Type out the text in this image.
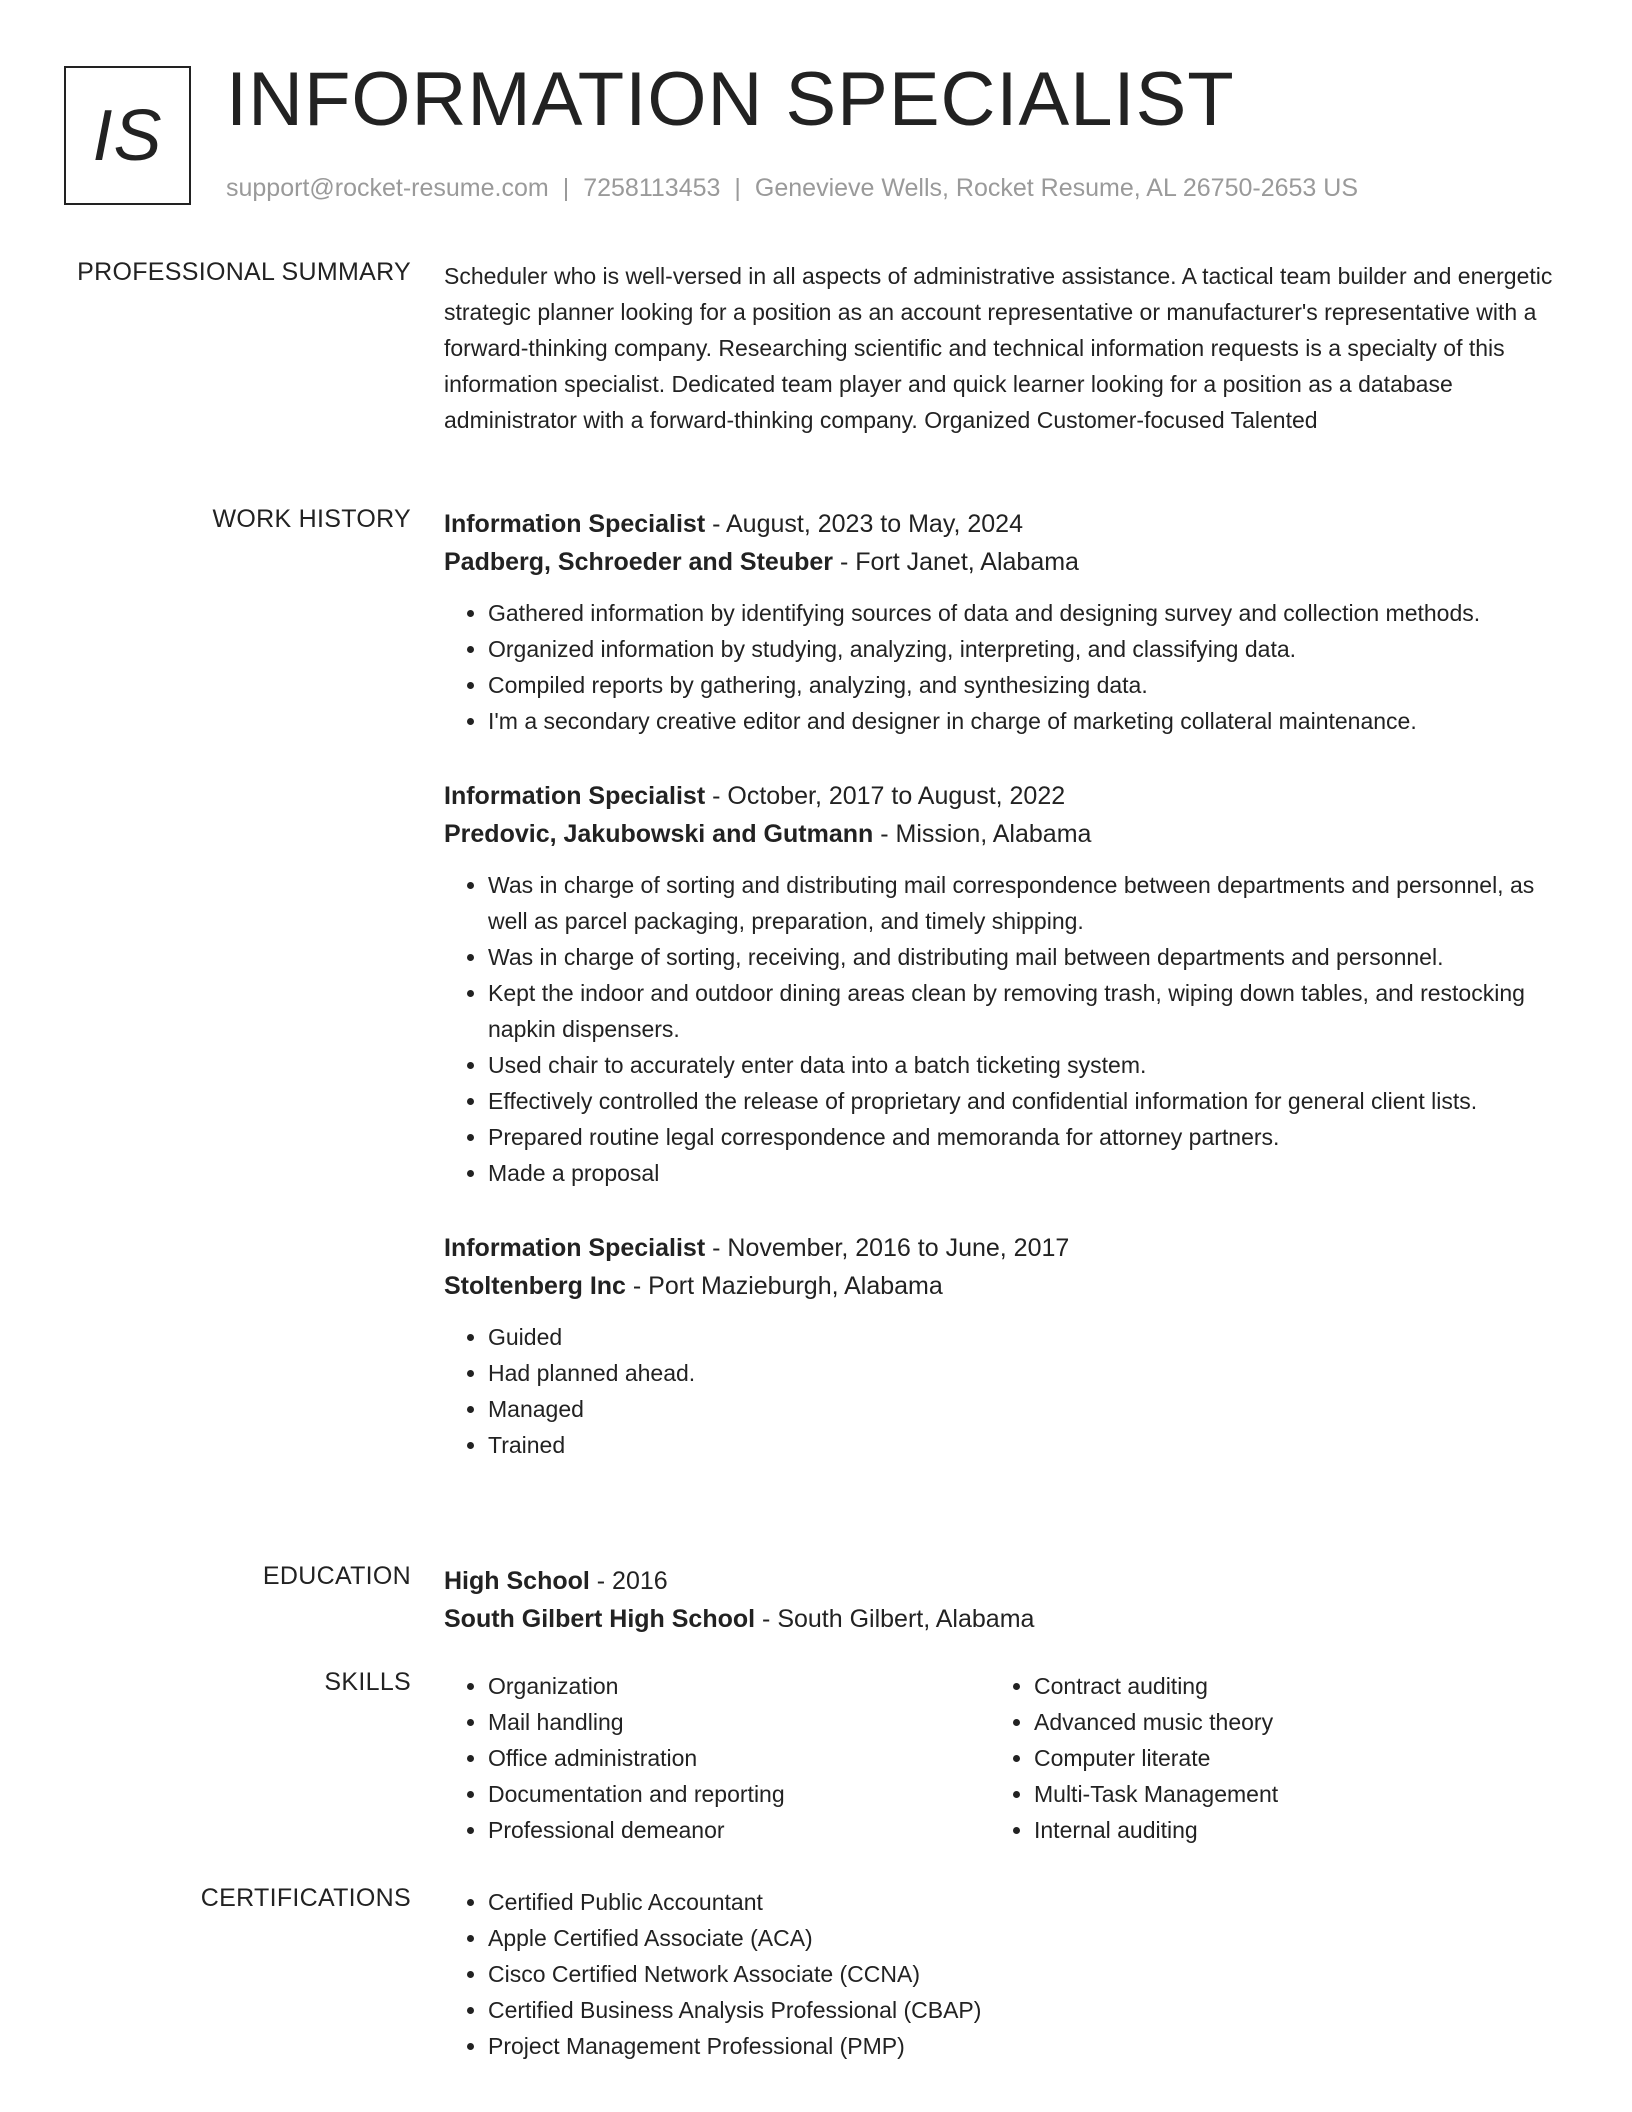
IS INFORMATION SPECIALIST
support@rocket-resume.com | 7258113453 | Genevieve Wells, Rocket Resume, AL 26750-2653 US
PROFESSIONAL SUMMARY Scheduler who is well-versed in all aspects of administrative assistance. A tactical team builder and energetic strategic planner looking for a position as an account representative or manufacturer's representative with a forward-thinking company. Researching scientific and technical information requests is a specialty of this information specialist. Dedicated team player and quick learner looking for a position as a database administrator with a forward-thinking company. Organized Customer-focused Talented

WORK HISTORY Information Specialist - August, 2023 to May, 2024

Padberg, Schroeder and Steuber - Fort Janet, Alabama

• Gathered information by identifying sources of data and designing survey and collection methods.
• Organized information by studying, analyzing, interpreting, and classifying data.
• Compiled reports by gathering, analyzing, and synthesizing data.
• I'm a secondary creative editor and designer in charge of marketing collateral maintenance.

Information Specialist - October, 2017 to August, 2022

Predovic, Jakubowski and Gutmann - Mission, Alabama

• Was in charge of sorting and distributing mail correspondence between departments and personnel, as well as parcel packaging, preparation, and timely shipping.
• Was in charge of sorting, receiving, and distributing mail between departments and personnel.
• Kept the indoor and outdoor dining areas clean by removing trash, wiping down tables, and restocking napkin dispensers.
• Used chair to accurately enter data into a batch ticketing system.
• Effectively controlled the release of proprietary and confidential information for general client lists.
• Prepared routine legal correspondence and memoranda for attorney partners.
• Made a proposal

Information Specialist - November, 2016 to June, 2017

Stoltenberg Inc - Port Mazieburgh, Alabama

• Guided
• Had planned ahead.
• Managed
• Trained
EDUCATION High School - 2016

South Gilbert High School - South Gilbert, Alabama

SKILLS	• Organization
• Mail handling
• Office administration
• Documentation and reporting
• Professional demeanor
• Contract auditing
• Advanced music theory
• Computer literate
• Multi-Task Management
• Internal auditing
CERTIFICATIONS	• Certified Public Accountant
• Apple Certified Associate (ACA)
• Cisco Certified Network Associate (CCNA)
• Certified Business Analysis Professional (CBAP)
• Project Management Professional (PMP)
